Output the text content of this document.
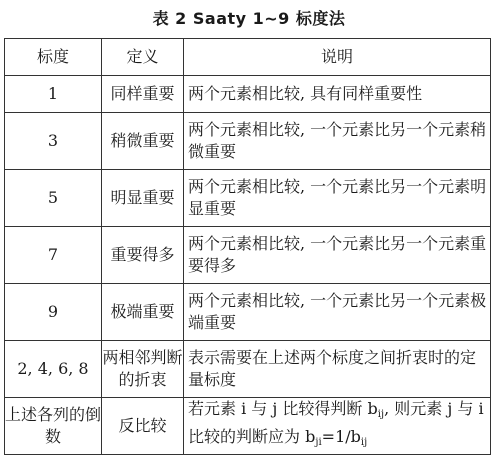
表 2 Saaty 1~9 标度法
标度	定义	说明
1	同样重要	两个元素相比较, 具有同样重要性
3	稍微重要	两个元素相比较, 一个元素比另一个元素稍微重要
5	明显重要	两个元素相比较, 一个元素比另一个元素明显重要
7	重要得多	两个元素相比较, 一个元素比另一个元素重要得多
9	极端重要	两个元素相比较, 一个元素比另一个元素极端重要
2, 4, 6, 8	两相邻判断的折衷	表示需要在上述两个标度之间折衷时的定量标度
上述各列的倒数	反比较	若元素 i 与 j 比较得判断 $b_{ij}$, 则元素 j 与 i 比较的判断应为 $b_{ji}=1/b_{ij}$
